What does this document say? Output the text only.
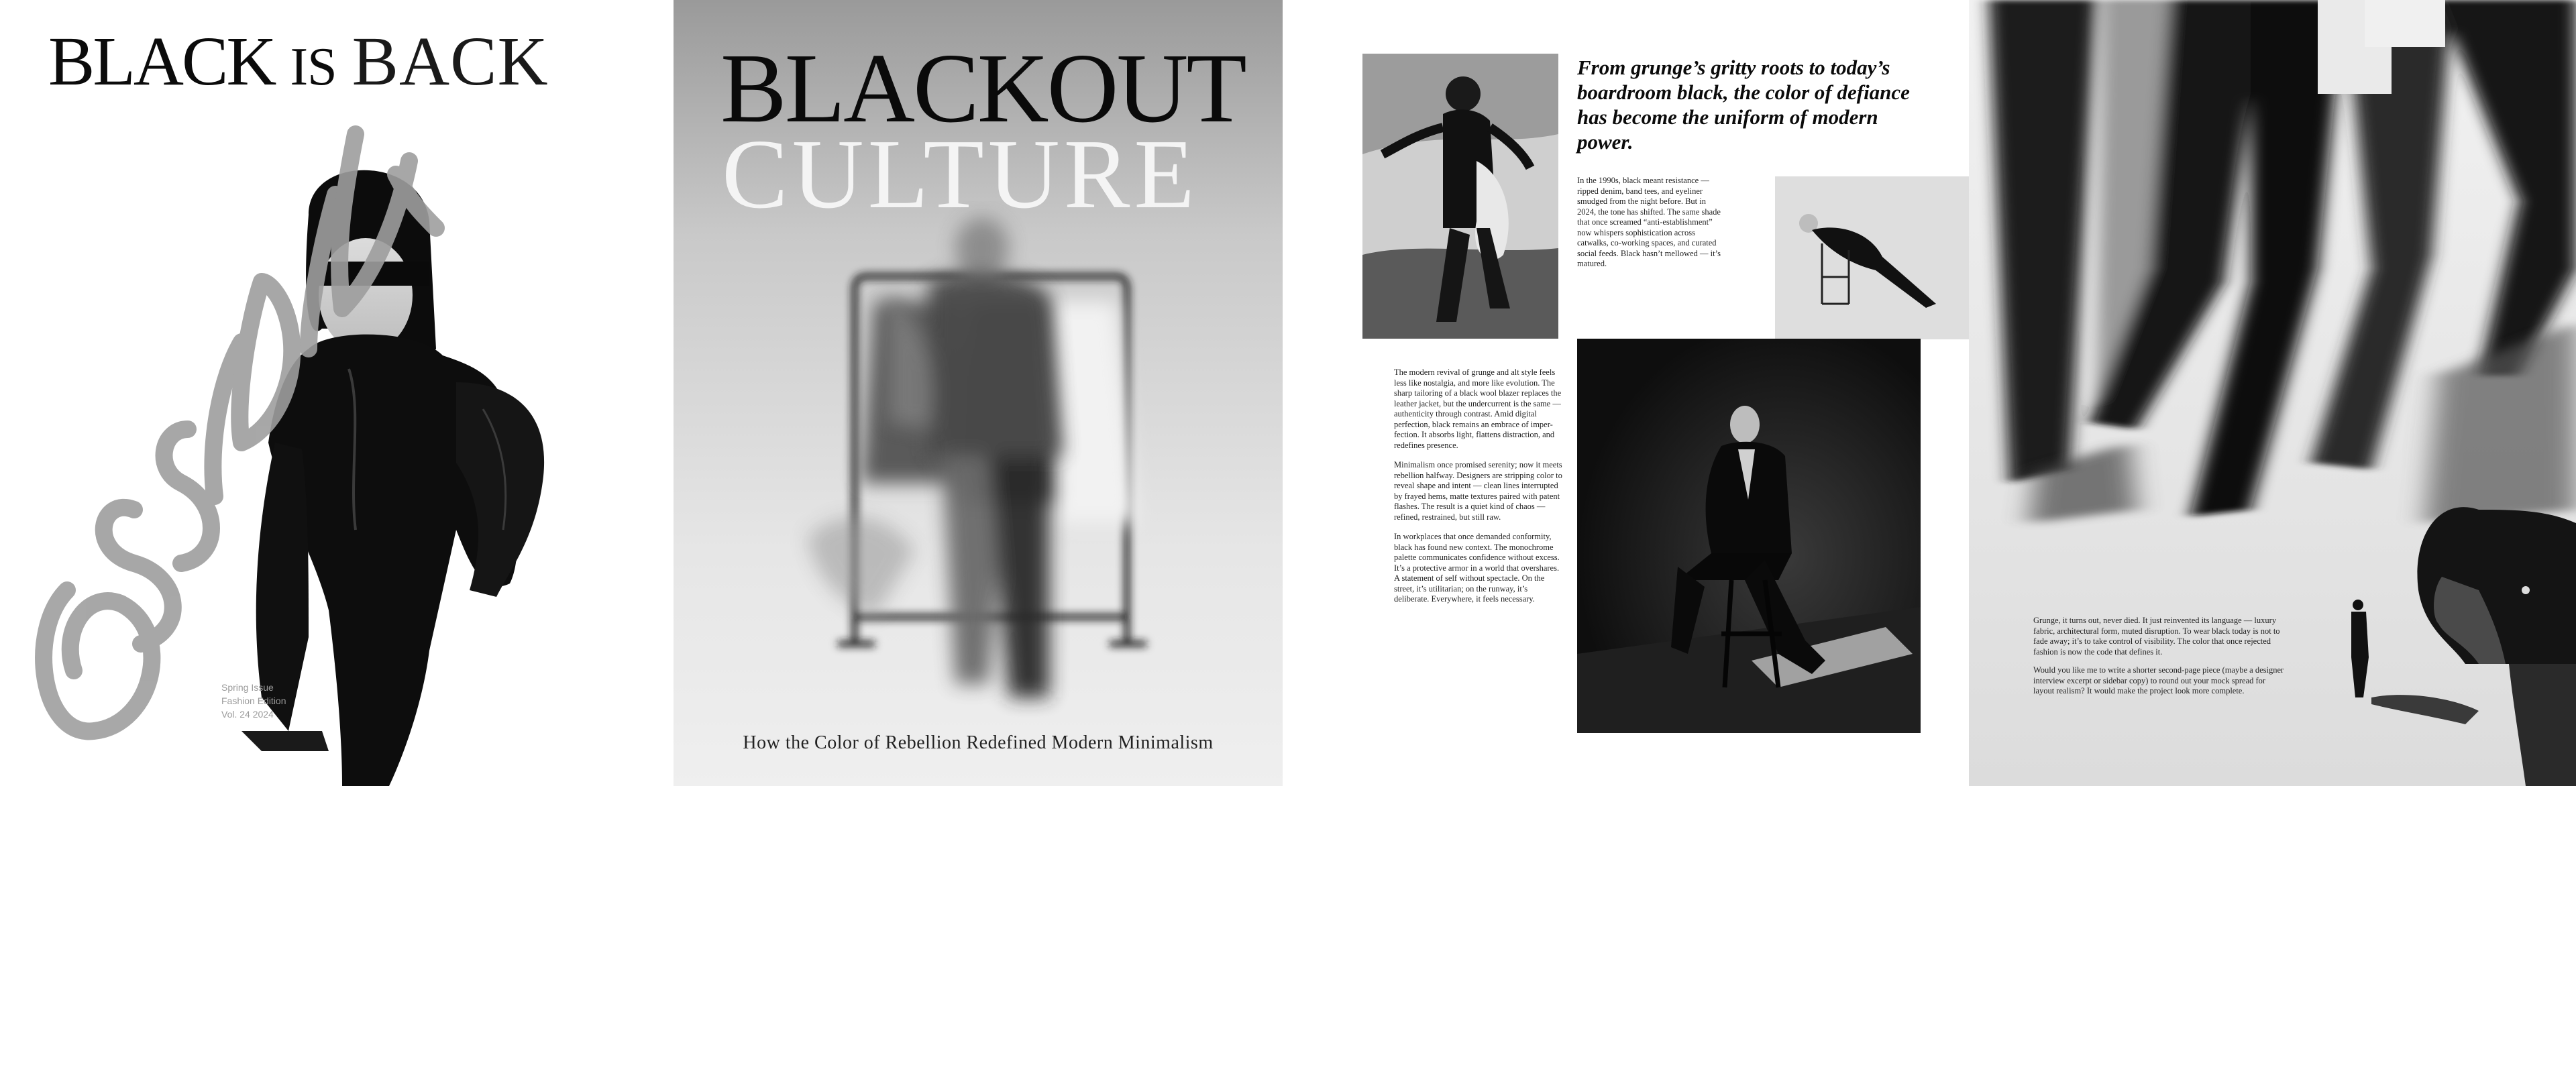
BLACK IS BACK
Spring Issue
Fashion Edition
Vol. 24 2024
BLACKOUT
CULTURE
How the Color of Rebellion Redefined Modern Minimalism
From grunge’s gritty roots to today’s boardroom black, the color of defiance has become the uniform of modern power.
In the 1990s, black meant resistance — ripped denim, band tees, and eyeliner smudged from the night before. But in 2024, the tone has shifted. The same shade that once screamed “anti-establishment” now whispers sophistication across catwalks, co-working spaces, and curated social feeds. Black hasn’t mellowed — it’s matured.

The modern revival of grunge and alt style feels less like nostalgia, and more like evolution. The sharp tailoring of a black wool blazer replaces the leather jacket, but the undercurrent is the same — authenticity through contrast. Amid digital perfection, black remains an embrace of imper-fection. It absorbs light, flattens distraction, and redefines presence.

Minimalism once promised serenity; now it meets rebellion halfway. Designers are stripping color to reveal shape and intent — clean lines interrupted by frayed hems, matte textures paired with patent flashes. The result is a quiet kind of chaos — refined, restrained, but still raw.

In workplaces that once demanded conformity, black has found new context. The monochrome palette communicates confidence without excess. It’s a protective armor in a world that overshares. A statement of self without spectacle. On the street, it’s utilitarian; on the runway, it’s deliberate. Everywhere, it feels necessary.

Grunge, it turns out, never died. It just reinvented its language — luxury fabric, architectural form, muted disruption. To wear black today is not to fade away; it’s to take control of visibility. The color that once rejected fashion is now the code that defines it.

Would you like me to write a shorter second-page piece (maybe a designer interview excerpt or sidebar copy) to round out your mock spread for layout realism? It would make the project look more complete.
